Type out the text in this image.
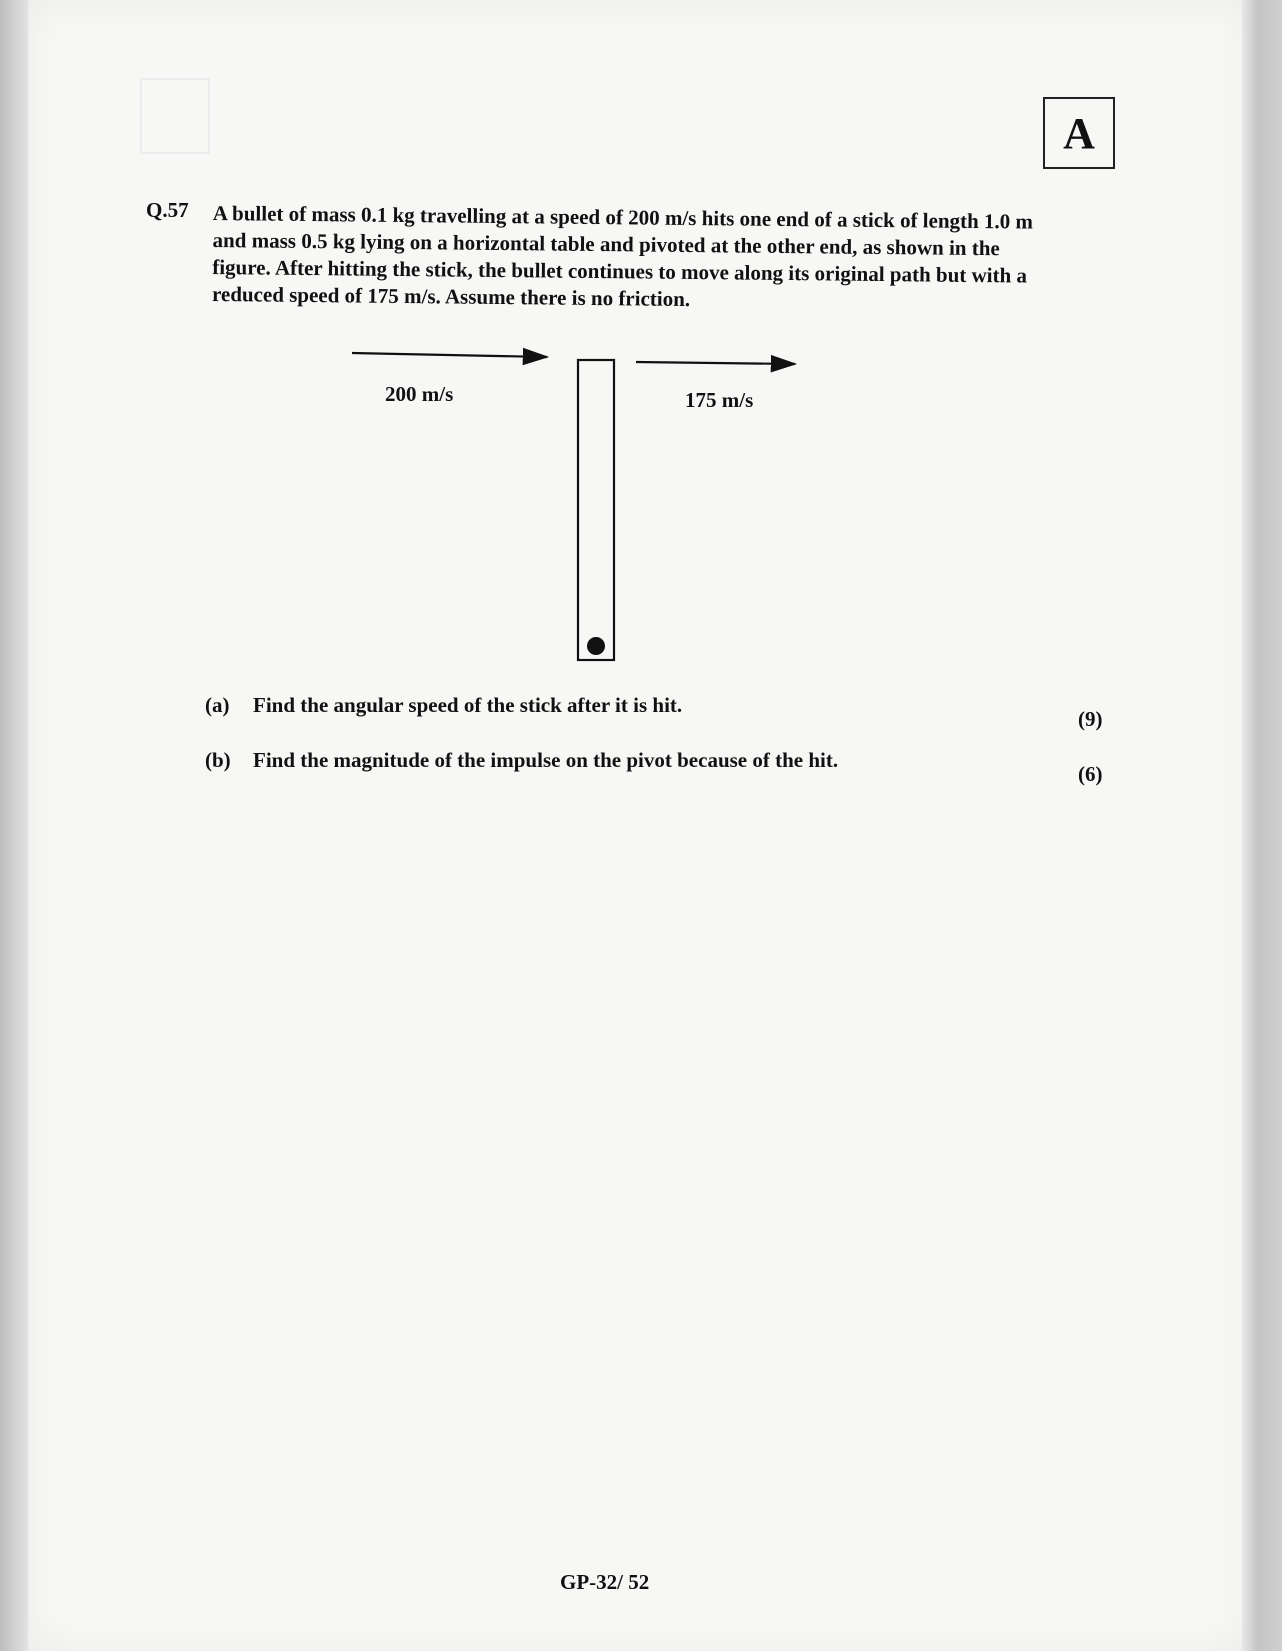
A
Q.57 A bullet of mass 0.1 kg travelling at a speed of 200 m/s hits one end of a stick of length 1.0 m and mass 0.5 kg lying on a horizontal table and pivoted at the other end, as shown in the figure. After hitting the stick, the bullet continues to move along its original path but with a reduced speed of 175 m/s. Assume there is no friction.
200 m/s	175 m/s
(a) Find the angular speed of the stick after it is hit.
(9)
(b) Find the magnitude of the impulse on the pivot because of the hit.
(6)
GP-32/ 52
